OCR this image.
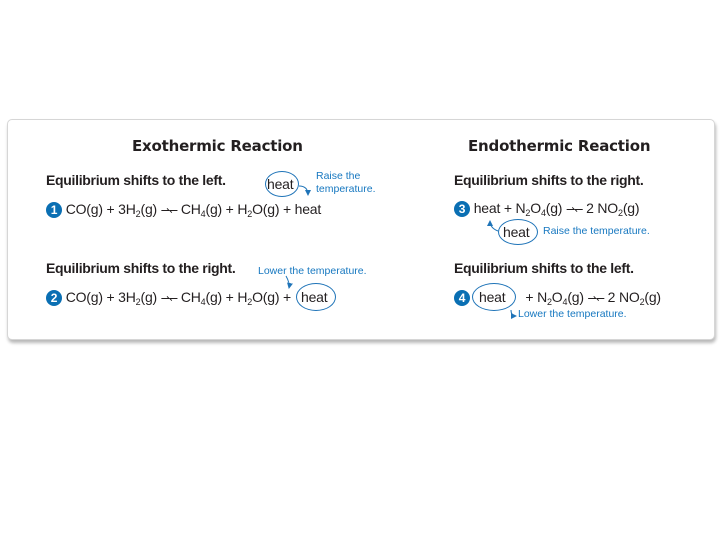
Exothermic Reaction
Equilibrium shifts to the left.	heat Raise the
temperature.
1 $CO(g) + 3H_2(g)$ ⇀↽ $CH_4(g) + H_2O(g)$ + heat
Equilibrium shifts to the right. Lower the temperature.
2 $CO(g) + 3H_2(g)$ ⇀↽ $CH_4(g) + H_2O(g)$ + heat
Endothermic Reaction
Equilibrium shifts to the right.
3 heat + $N_2O_4(g)$ ⇀↽ 2 $NO_2(g)$
heat Raise the temperature.
Equilibrium shifts to the left.
heat
4	+ $N_2O_4(g)$ ⇀↽ 2 $NO_2(g)$
Lower the temperature.
